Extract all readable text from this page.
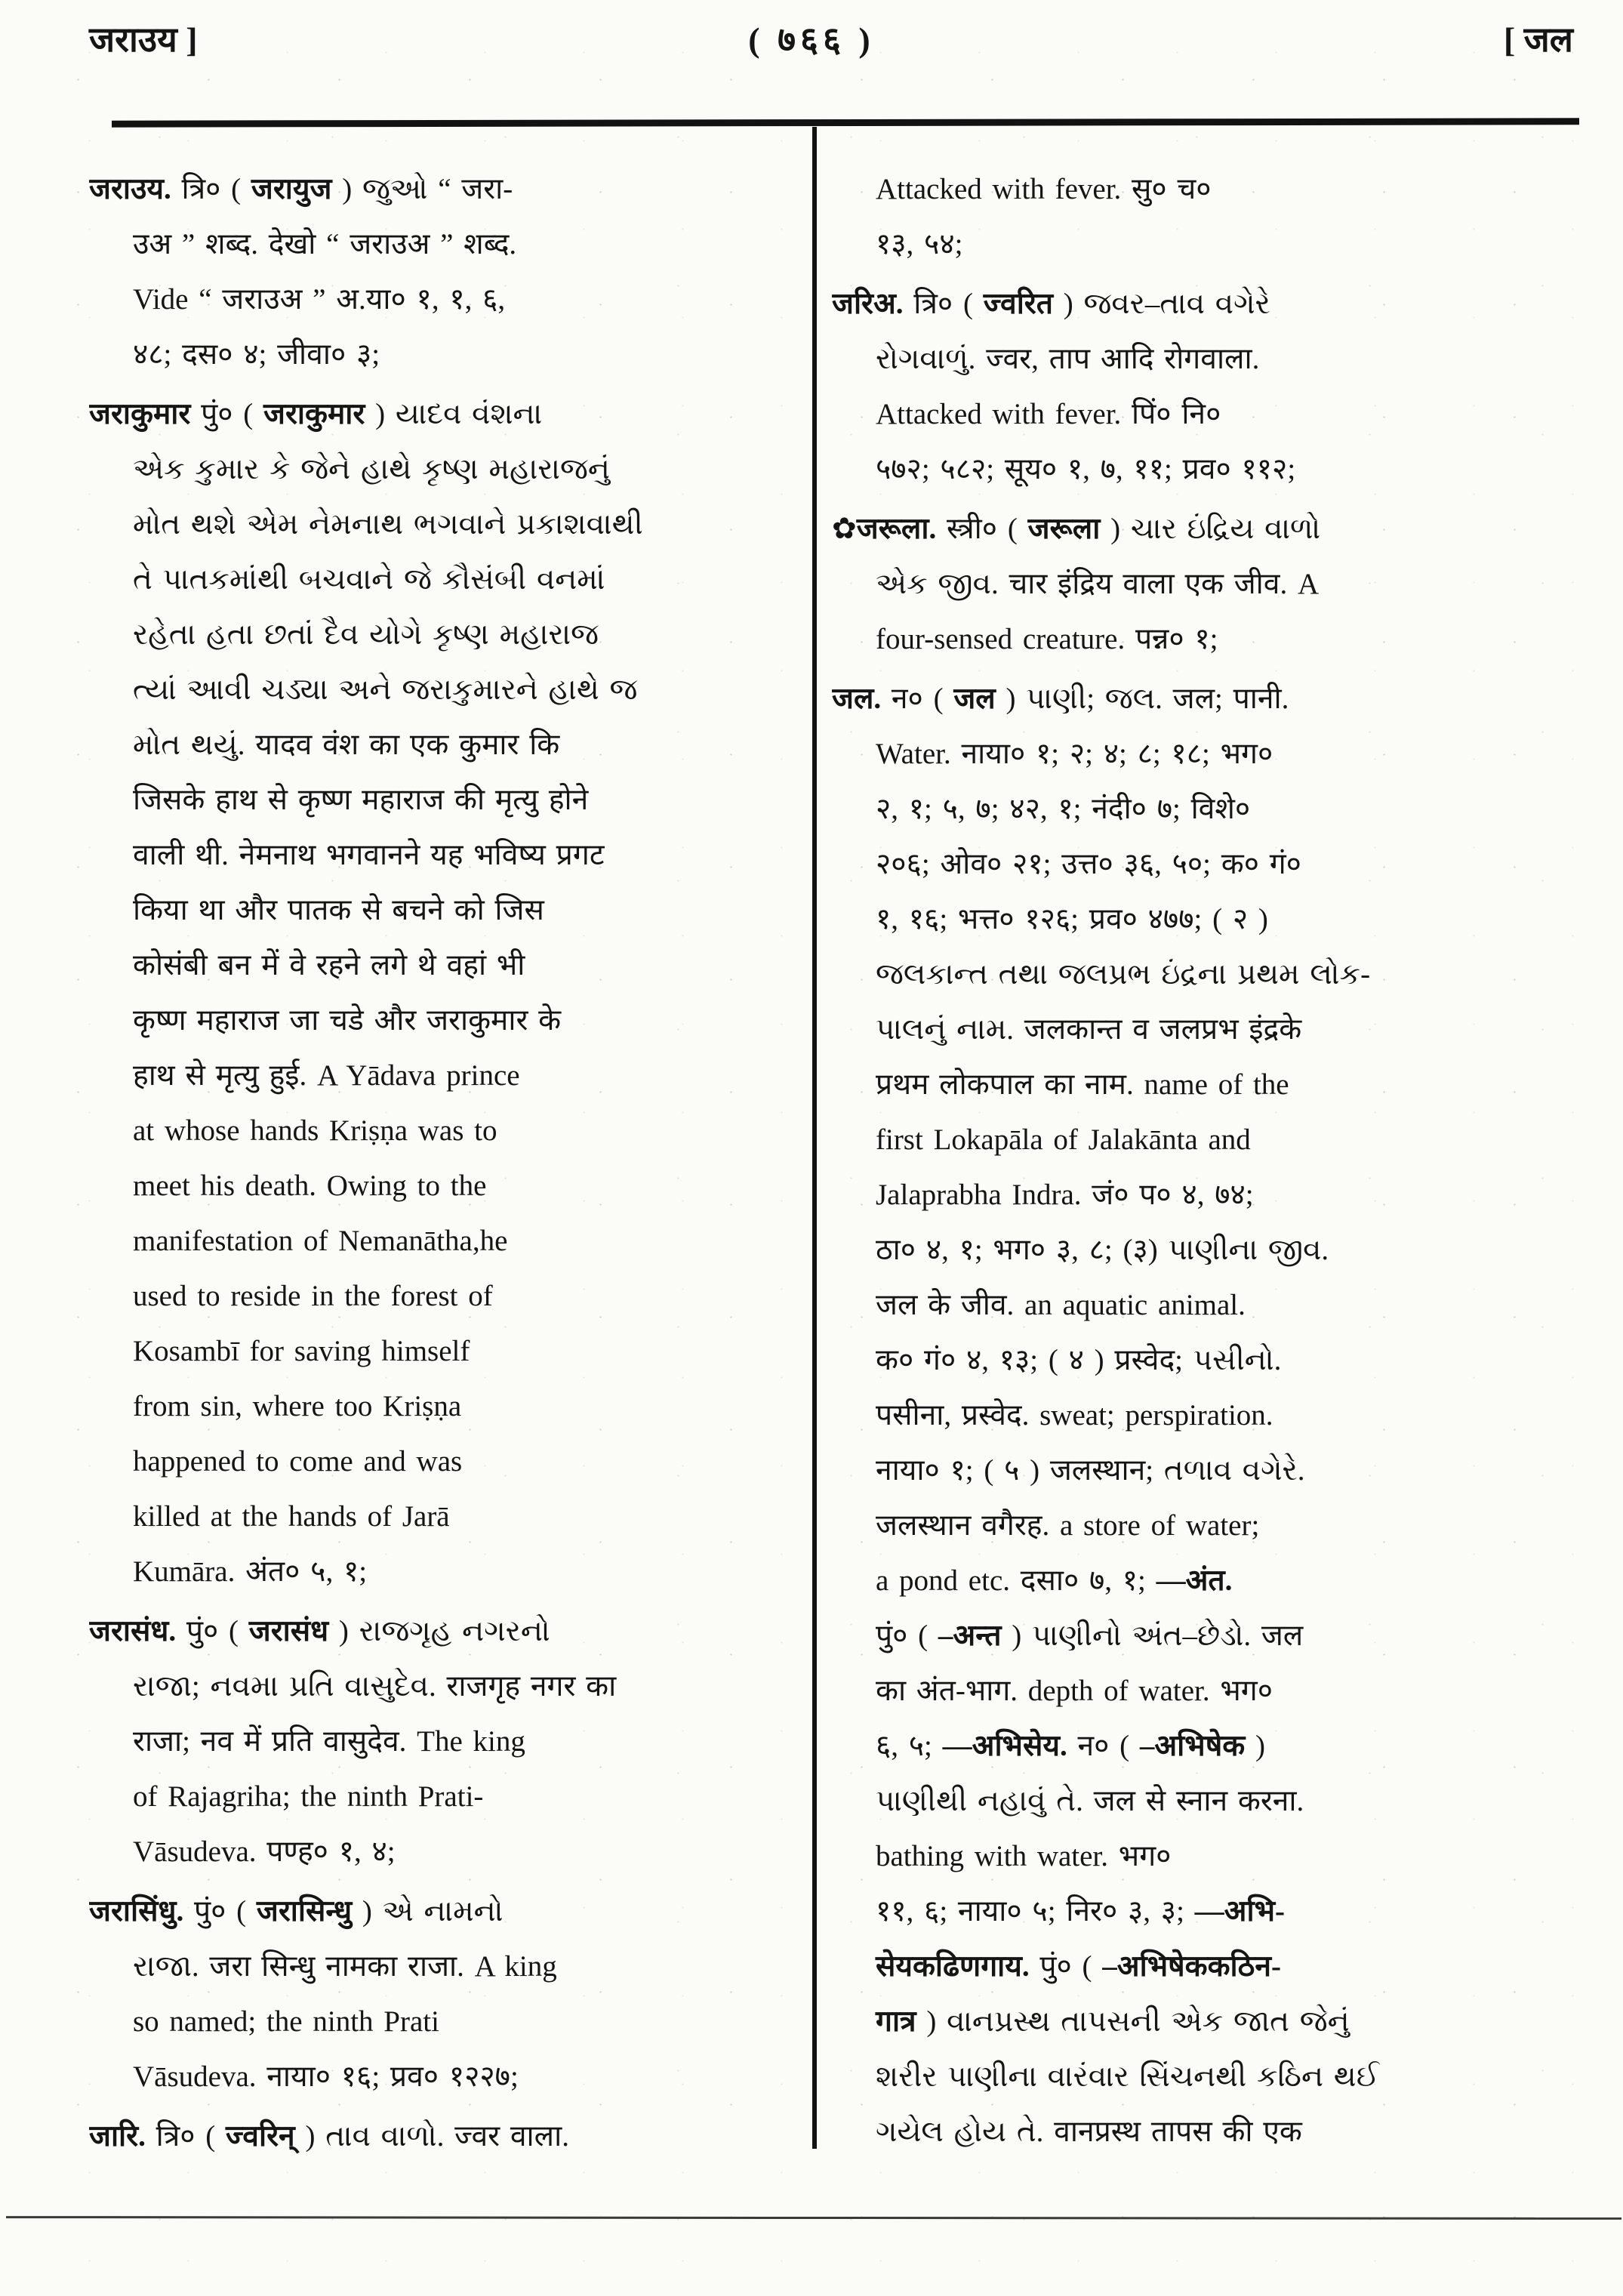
जराउय ]	( ७६६ )	[ जल
जराउय. त्रि० ( जरायुज ) જુઓ “ जरा-
उअ ” शब्द. देखो “ जराउअ ” शब्द.
Vide “ जराउअ ” अ.या० १, १, ६,
४८; दस० ४; जीवा० ३;
जराकुमार पुं० ( जराकुमार ) યાદવ વંશના
એક કુમાર કે જેને હાથે કૃષ્ણ મહારાજનું
મોત થશે એમ નેમનાથ ભગવાને પ્રકાશવાથી
તે પાતકમાંથી બચવાને જે કૌસંબી વનમાં
રહેતા હતા છતાં દૈવ યોગે કૃષ્ણ મહારાજ
ત્યાં આવી ચડ્યા અને જરાકુમારને હાથે જ
મોત થયું. यादव वंश का एक कुमार कि
जिसके हाथ से कृष्ण महाराज की मृत्यु होने
वाली थी. नेमनाथ भगवानने यह भविष्य प्रगट
किया था और पातक से बचने को जिस
कोसंबी बन में वे रहने लगे थे वहां भी
कृष्ण महाराज जा चडे और जराकुमार के
हाथ से मृत्यु हुई. A Yādava prince
at whose hands Kriṣṇa was to
meet his death. Owing to the
manifestation of Nemanātha,he
used to reside in the forest of
Kosambī for saving himself
from sin, where too Kriṣṇa
happened to come and was
killed at the hands of Jarā
Kumāra. अंत० ५, १;
जरासंध. पुं० ( जरासंध ) રાજગૃહ નગરનો
રાજા; નવમા પ્રતિ વાસુદેવ. राजगृह नगर का
राजा; नव में प्रति वासुदेव. The king
of Rajagriha; the ninth Prati-
Vāsudeva. पण्ह० १, ४;
जरासिंधु. पुं० ( जरासिन्धु ) એ નામનો
રાજા. जरा सिन्धु नामका राजा. A king
so named; the ninth Prati
Vāsudeva. नाया० १६; प्रव० १२२७;
जारि. त्रि० ( ज्वरिन् ) તાવ વાળો. ज्वर वाला.
Attacked with fever. सु० च०
१३, ५४;
जरिअ. त्रि० ( ज्वरित ) જવર–તાવ વગેરે
રોગવાળું. ज्वर, ताप आदि रोगवाला.
Attacked with fever. पिं० नि०
५७२; ५८२; सूय० १, ७, ११; प्रव० ११२;
✿जरूला. स्त्री० ( जरूला ) ચાર ઇંદ્રિય વાળો
એક જીવ. चार इंद्रिय वाला एक जीव. A
four-sensed creature. पन्न० १;
जल. न० ( जल ) પાણી; જલ. जल; पानी.
Water. नाया० १; २; ४; ८; १८; भग०
२, १; ५, ७; ४२, १; नंदी० ७; विशे०
२०६; ओव० २१; उत्त० ३६, ५०; क० गं०
१, १६; भत्त० १२६; प्रव० ४७७; ( २ )
જલકાન્ત તથા જલપ્રભ ઇંદ્રના પ્રથમ લોક-
પાલનું નામ. जलकान्त व जलप्रभ इंद्रके
प्रथम लोकपाल का नाम. name of the
first Lokapāla of Jalakānta and
Jalaprabha Indra. जं० प० ४, ७४;
ठा० ४, १; भग० ३, ८; (३) પાણીના જીવ.
जल के जीव. an aquatic animal.
क० गं० ४, १३; ( ४ ) प्रस्वेद; પસીનો.
पसीना, प्रस्वेद. sweat; perspiration.
नाया० १; ( ५ ) जलस्थान; તળાવ વગેરે.
जलस्थान वगैरह. a store of water;
a pond etc. दसा० ७, १; —अंत.
पुं० ( –अन्त ) પાણીનો અંત–છેડો. जल
का अंत-भाग. depth of water. भग०
६, ५; —अभिसेय. न० ( –अभिषेक )
પાણીથી નહાવું તે. जल से स्नान करना.
bathing with water. भग०
११, ६; नाया० ५; निर० ३, ३; —अभि-
सेयकढिणगाय. पुं० ( –अभिषेककठिन-
गात्र ) વાનપ્રસ્થ તાપસની એક જાત જેનું
શરીર પાણીના વારંવાર સિંચનથી કઠિન થઈ
ગયેલ હોય તે. वानप्रस्थ तापस की एक
